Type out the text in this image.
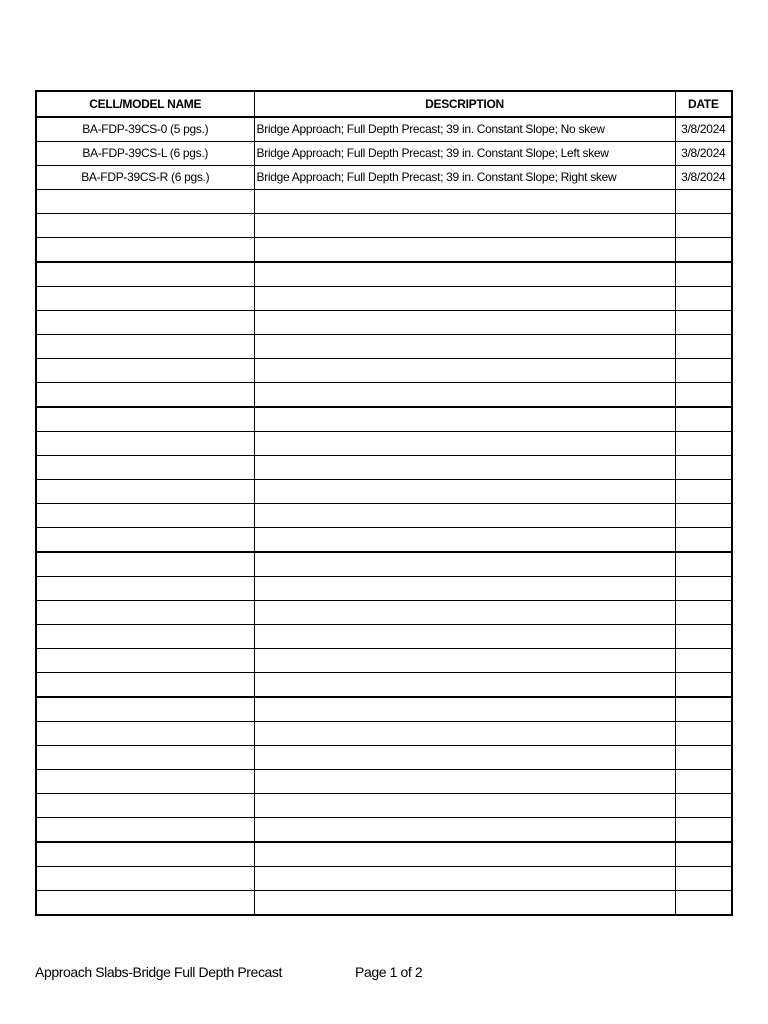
CELL/MODEL NAME	DESCRIPTION	DATE
BA-FDP-39CS-0 (5 pgs.)	Bridge Approach; Full Depth Precast; 39 in. Constant Slope; No skew	3/8/2024
BA-FDP-39CS-L (6 pgs.)	Bridge Approach; Full Depth Precast; 39 in. Constant Slope; Left skew	3/8/2024
BA-FDP-39CS-R (6 pgs.)	Bridge Approach; Full Depth Precast; 39 in. Constant Slope; Right skew	3/8/2024

Approach Slabs-Bridge Full Depth Precast	Page 1 of 2
